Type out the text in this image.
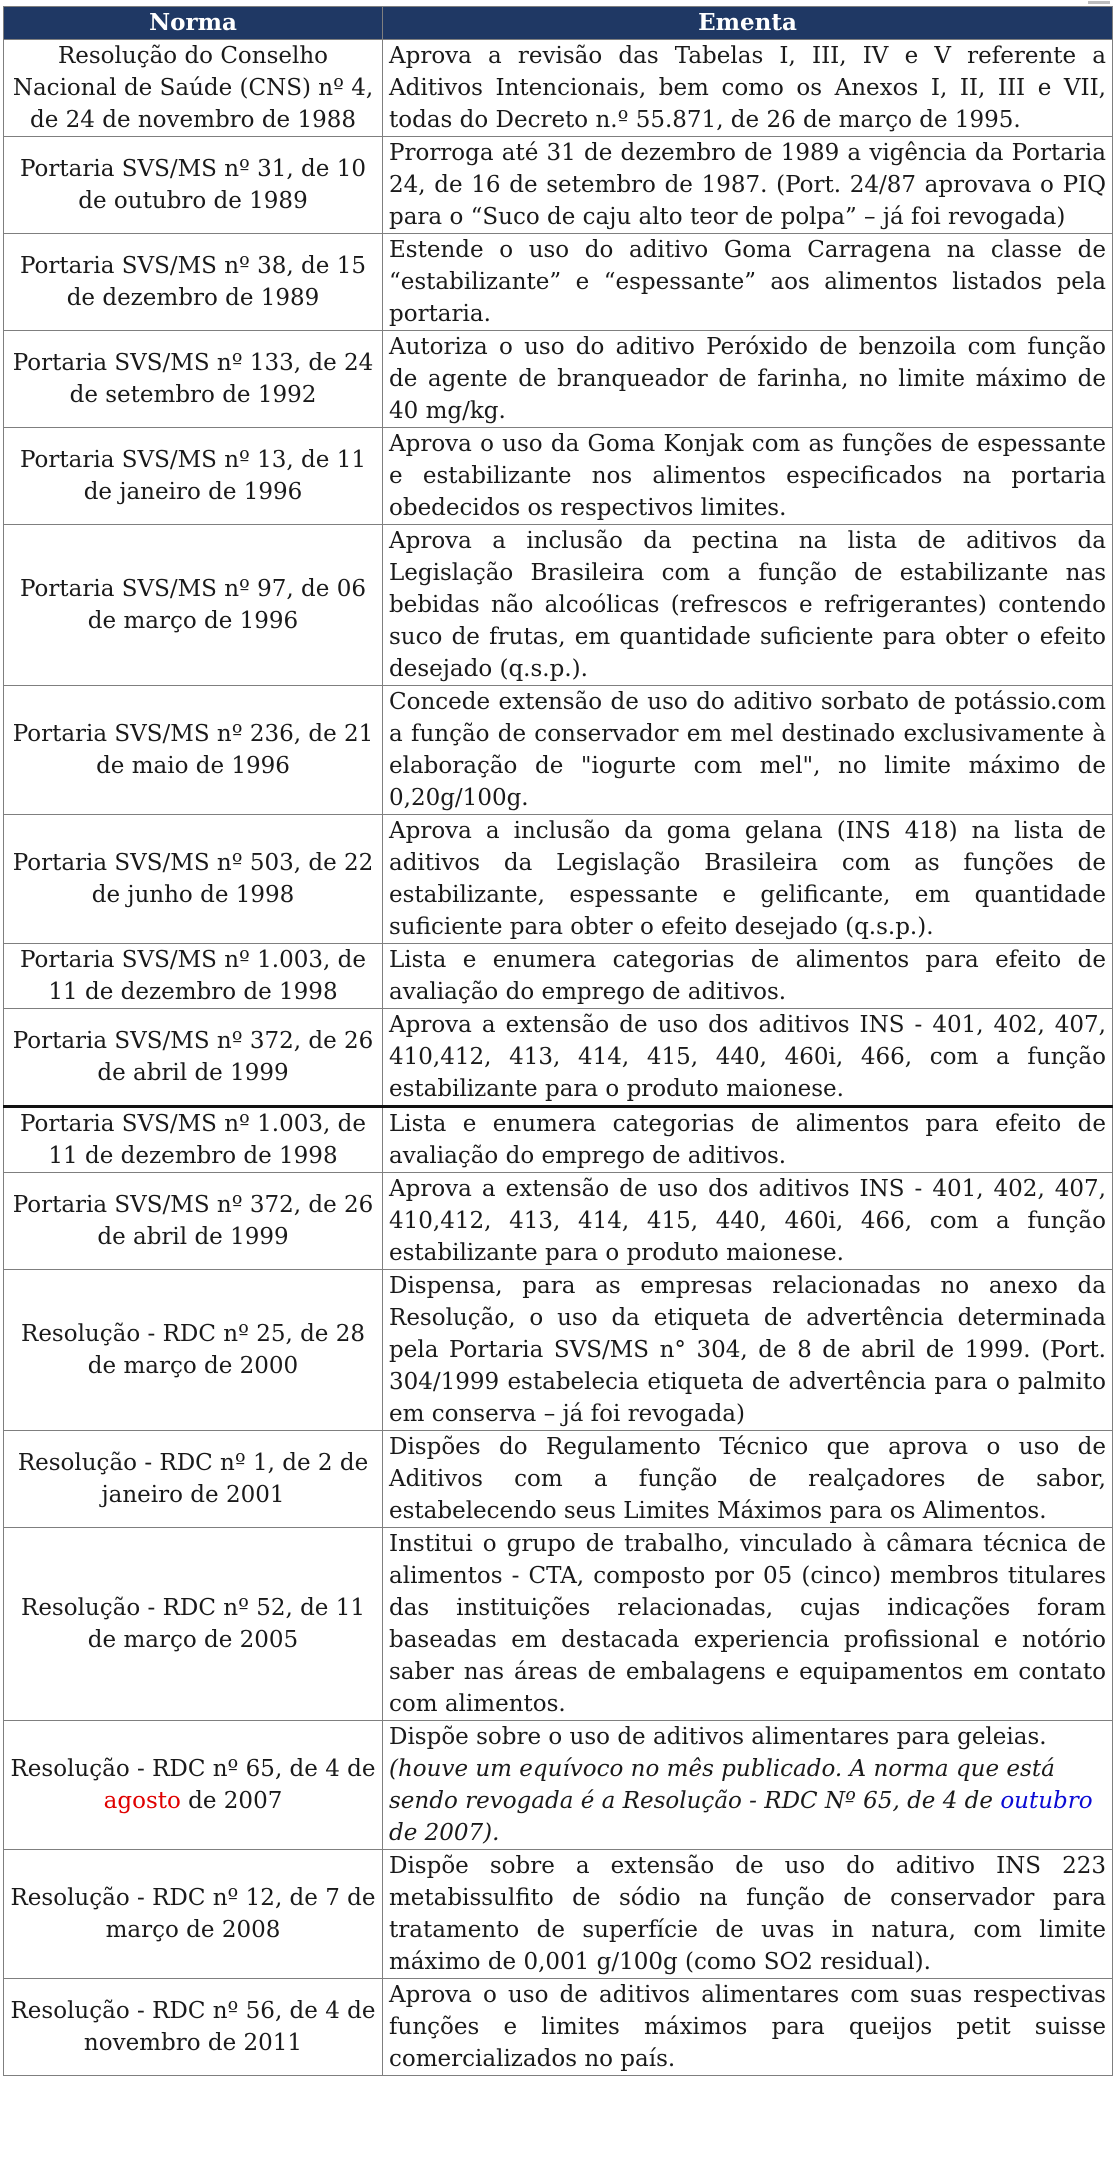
Norma	Ementa
Resolução do Conselho Nacional de Saúde (CNS) nº 4, de 24 de novembro de 1988	Aprova a revisão das Tabelas I, III, IV e V referente a Aditivos Intencionais, bem como os Anexos I, II, III e VII, todas do Decreto n.º 55.871, de 26 de março de 1995.
Portaria SVS/MS nº 31, de 10 de outubro de 1989	Prorroga até 31 de dezembro de 1989 a vigência da Portaria 24, de 16 de setembro de 1987. (Port. 24/87 aprovava o PIQ para o “Suco de caju alto teor de polpa” – já foi revogada)
Portaria SVS/MS nº 38, de 15 de dezembro de 1989	Estende o uso do aditivo Goma Carragena na classe de “estabilizante” e “espessante” aos alimentos listados pela portaria.
Portaria SVS/MS nº 133, de 24 de setembro de 1992	Autoriza o uso do aditivo Peróxido de benzoila com função de agente de branqueador de farinha, no limite máximo de 40 mg/kg.
Portaria SVS/MS nº 13, de 11 de janeiro de 1996	Aprova o uso da Goma Konjak com as funções de espessante e estabilizante nos alimentos especificados na portaria obedecidos os respectivos limites.
Portaria SVS/MS nº 97, de 06 de março de 1996	Aprova a inclusão da pectina na lista de aditivos da Legislação Brasileira com a função de estabilizante nas bebidas não alcoólicas (refrescos e refrigerantes) contendo suco de frutas, em quantidade suficiente para obter o efeito desejado (q.s.p.).
Portaria SVS/MS nº 236, de 21 de maio de 1996	Concede extensão de uso do aditivo sorbato de potássio.com a função de conservador em mel destinado exclusivamente à elaboração de "iogurte com mel", no limite máximo de 0,20g/100g.
Portaria SVS/MS nº 503, de 22 de junho de 1998	Aprova a inclusão da goma gelana (INS 418) na lista de aditivos da Legislação Brasileira com as funções de estabilizante, espessante e gelificante, em quantidade suficiente para obter o efeito desejado (q.s.p.).
Portaria SVS/MS nº 1.003, de 11 de dezembro de 1998	Lista e enumera categorias de alimentos para efeito de avaliação do emprego de aditivos.
Portaria SVS/MS nº 372, de 26 de abril de 1999	Aprova a extensão de uso dos aditivos INS - 401, 402, 407, 410,412, 413, 414, 415, 440, 460i, 466, com a função estabilizante para o produto maionese.
Portaria SVS/MS nº 1.003, de 11 de dezembro de 1998	Lista e enumera categorias de alimentos para efeito de avaliação do emprego de aditivos.
Portaria SVS/MS nº 372, de 26 de abril de 1999	Aprova a extensão de uso dos aditivos INS - 401, 402, 407, 410,412, 413, 414, 415, 440, 460i, 466, com a função estabilizante para o produto maionese.
Resolução - RDC nº 25, de 28 de março de 2000	Dispensa, para as empresas relacionadas no anexo da Resolução, o uso da etiqueta de advertência determinada pela Portaria SVS/MS n° 304, de 8 de abril de 1999. (Port. 304/1999 estabelecia etiqueta de advertência para o palmito em conserva – já foi revogada)
Resolução - RDC nº 1, de 2 de janeiro de 2001	Dispões do Regulamento Técnico que aprova o uso de Aditivos com a função de realçadores de sabor, estabelecendo seus Limites Máximos para os Alimentos.
Resolução - RDC nº 52, de 11 de março de 2005	Institui o grupo de trabalho, vinculado à câmara técnica de alimentos - CTA, composto por 05 (cinco) membros titulares das instituições relacionadas, cujas indicações foram baseadas em destacada experiencia profissional e notório saber nas áreas de embalagens e equipamentos em contato com alimentos.
Resolução - RDC nº 65, de 4 de agosto de 2007	Dispõe sobre o uso de aditivos alimentares para geleias.
(houve um equívoco no mês publicado. A norma que está sendo revogada é a Resolução - RDC Nº 65, de 4 de outubro de 2007).

Resolução - RDC nº 12, de 7 de março de 2008	Dispõe sobre a extensão de uso do aditivo INS 223 metabissulfito de sódio na função de conservador para tratamento de superfície de uvas in natura, com limite máximo de 0,001 g/100g (como SO2 residual).
Resolução - RDC nº 56, de 4 de novembro de 2011	Aprova o uso de aditivos alimentares com suas respectivas funções e limites máximos para queijos petit suisse comercializados no país.
